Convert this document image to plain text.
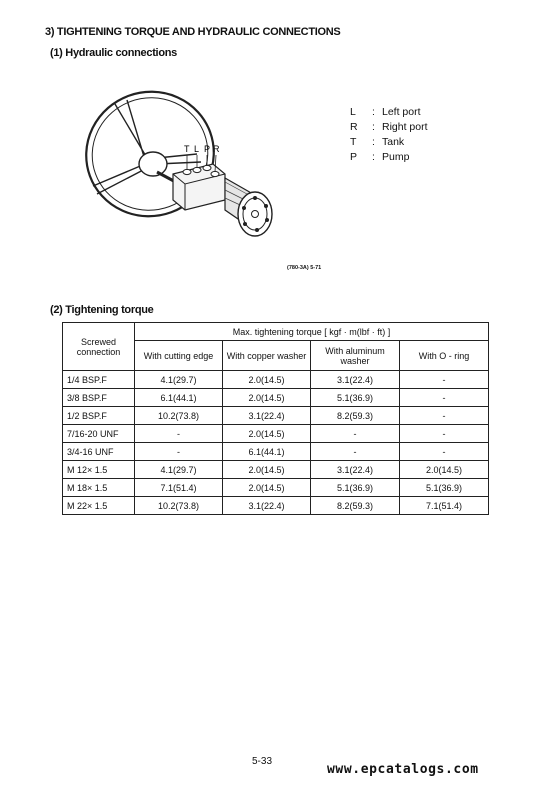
3) TIGHTENING TORQUE AND HYDRAULIC CONNECTIONS
(1) Hydraulic connections
T L P R
L	: Left port
R	: Right port
T	: Tank
P	: Pump
(780-3A) 5-71
(2) Tightening torque
Screwed connection	Max. tightening torque [ kgf · m(lbf · ft) ]			
	With cutting edge	With copper washer	With aluminum washer	With O - ring
1/4 BSP.F	4.1(29.7)	2.0(14.5)	3.1(22.4)	-
3/8 BSP.F	6.1(44.1)	2.0(14.5)	5.1(36.9)	-
1/2 BSP.F	10.2(73.8)	3.1(22.4)	8.2(59.3)	-
7/16-20 UNF	-	2.0(14.5)	-	-
3/4-16 UNF	-	6.1(44.1)	-	-
M 12× 1.5	4.1(29.7)	2.0(14.5)	3.1(22.4)	2.0(14.5)
M 18× 1.5	7.1(51.4)	2.0(14.5)	5.1(36.9)	5.1(36.9)
M 22× 1.5	10.2(73.8)	3.1(22.4)	8.2(59.3)	7.1(51.4)
5-33
www.epcatalogs.com
